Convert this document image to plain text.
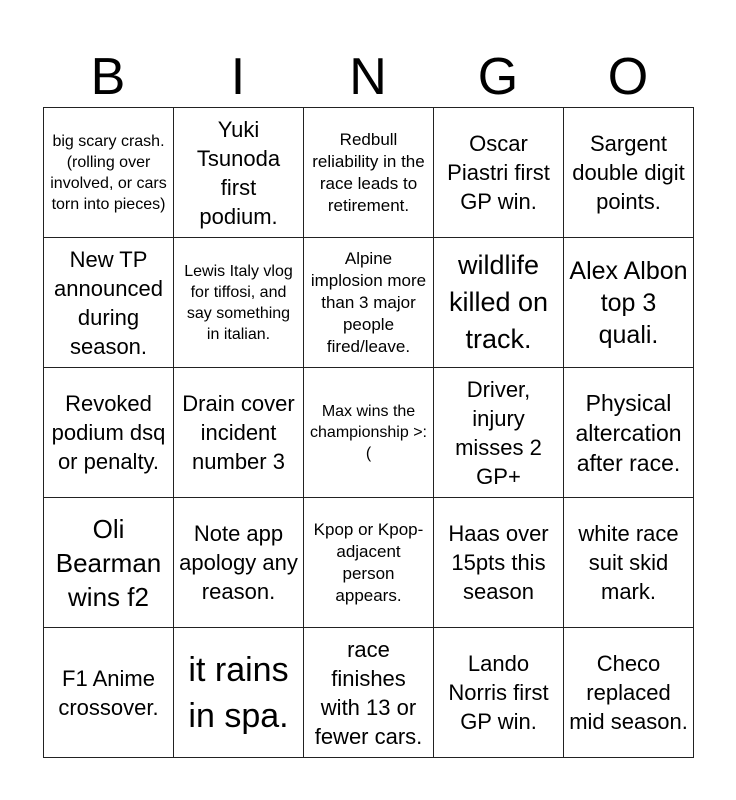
B	I	N	G	O
big scary crash. (rolling over involved, or cars torn into pieces)	Yuki Tsunoda first podium.	Redbull reliability in the race leads to retirement.	Oscar Piastri first GP win.	Sargent double digit points.
New TP announced during season.	Lewis Italy vlog for tiffosi, and say something in italian.	Alpine implosion more than 3 major people fired/leave.	wildlife killed on track.	Alex Albon top 3 quali.
Revoked podium dsq or penalty.	Drain cover incident number 3	Max wins the championship >:(	Driver, injury misses 2 GP+	Physical altercation after race.
Oli Bearman wins f2	Note app apology any reason.	Kpop or Kpop-adjacent person appears.	Haas over 15pts this season	white race suit skid mark.
F1 Anime crossover.	it rains in spa.	race finishes with 13 or fewer cars.	Lando Norris first GP win.	Checo replaced mid season.
